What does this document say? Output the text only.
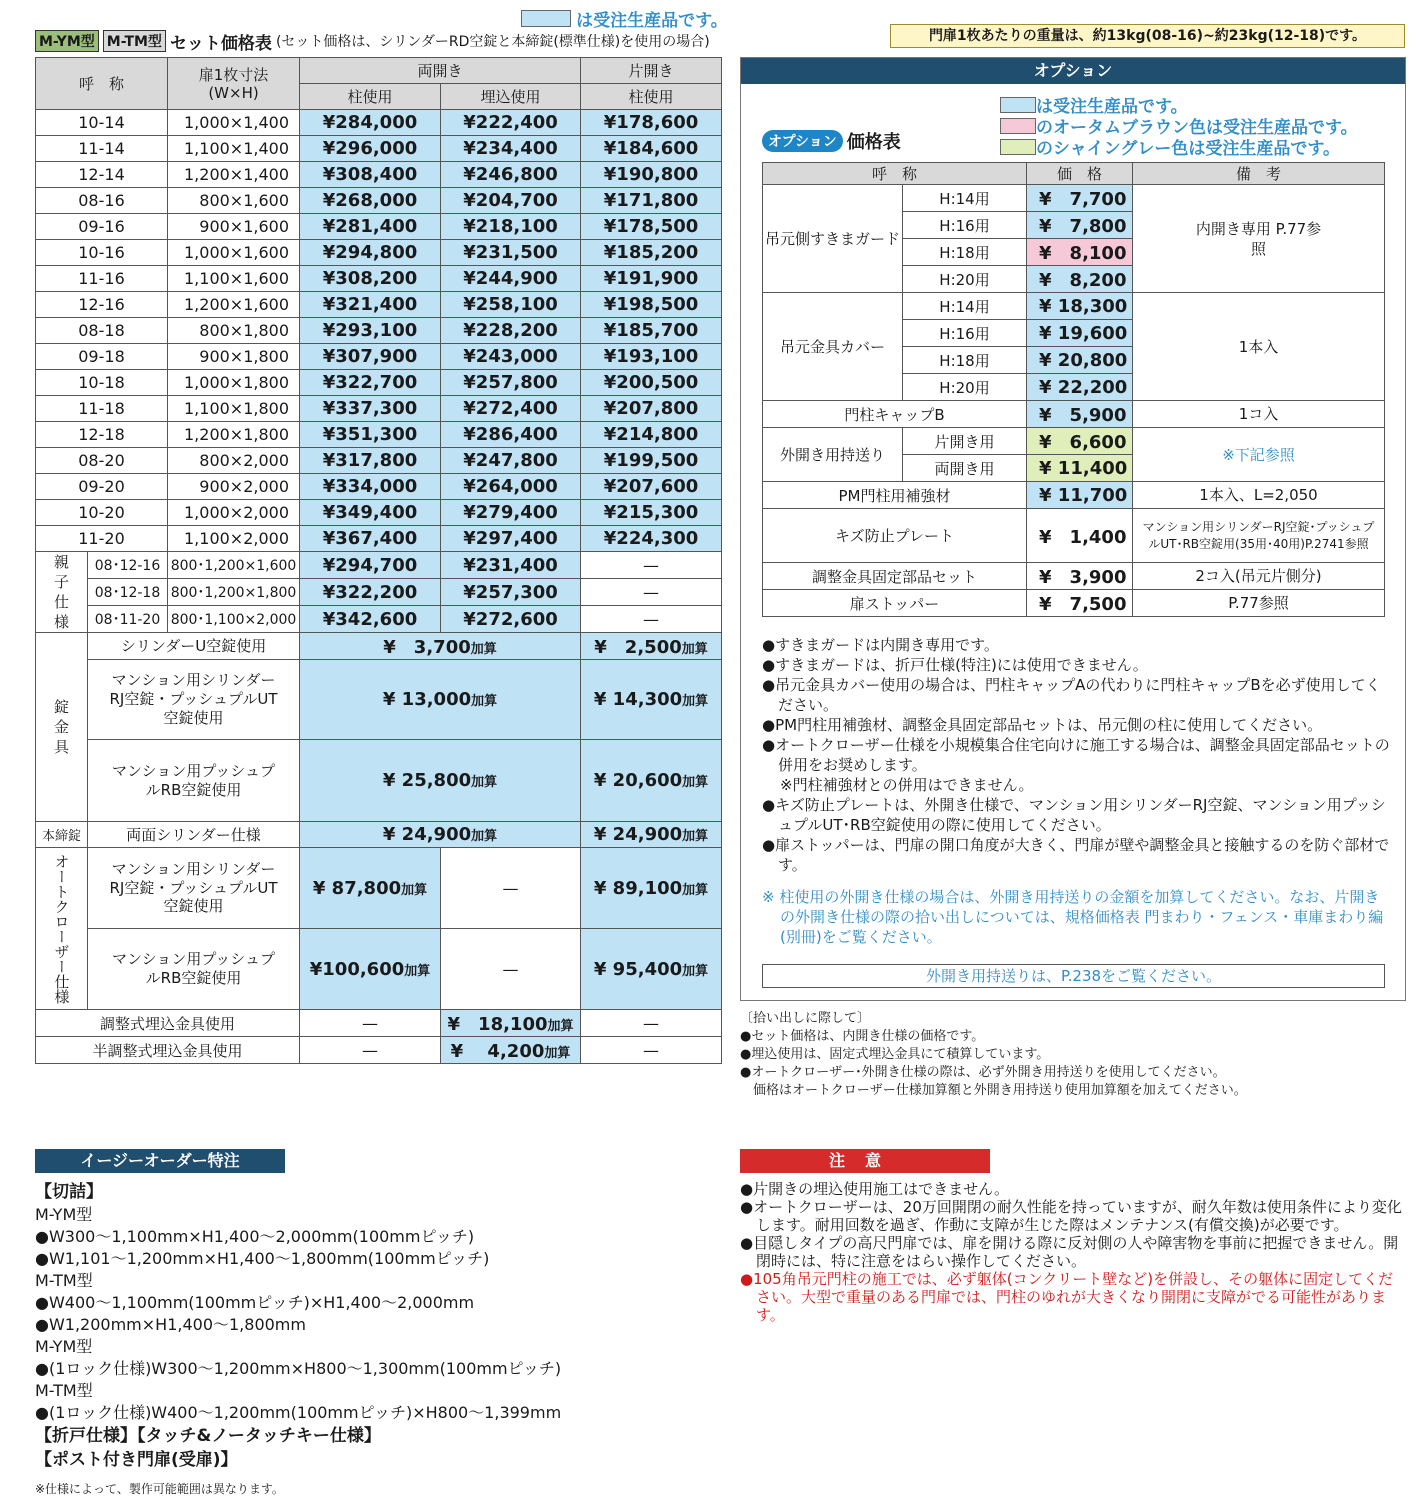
は受注生産品です。
M-YM型 M-TM型 セット価格表 (セット価格は、シリンダーRD空錠と本締錠(標準仕様)を使用の場合)	門扉1枚あたりの重量は、約13kg(08-16)~約23kg(12-18)です。
呼　称		扉1枚寸法
(W×H)	両開き		片開き
			柱使用	埋込使用	柱使用
10-14		1,000×1,400	¥284,000	¥222,400	¥178,600
11-14		1,100×1,400	¥296,000	¥234,400	¥184,600
12-14		1,200×1,400	¥308,400	¥246,800	¥190,800
08-16		800×1,600	¥268,000	¥204,700	¥171,800
09-16		900×1,600	¥281,400	¥218,100	¥178,500
10-16		1,000×1,600	¥294,800	¥231,500	¥185,200
11-16		1,100×1,600	¥308,200	¥244,900	¥191,900
12-16		1,200×1,600	¥321,400	¥258,100	¥198,500
08-18		800×1,800	¥293,100	¥228,200	¥185,700
09-18		900×1,800	¥307,900	¥243,000	¥193,100
10-18		1,000×1,800	¥322,700	¥257,800	¥200,500
11-18		1,100×1,800	¥337,300	¥272,400	¥207,800
12-18		1,200×1,800	¥351,300	¥286,400	¥214,800
08-20		800×2,000	¥317,800	¥247,800	¥199,500
09-20		900×2,000	¥334,000	¥264,000	¥207,600
10-20		1,000×2,000	¥349,400	¥279,400	¥215,300
11-20		1,100×2,000	¥367,400	¥297,400	¥224,300
親子仕様	08･12-16	800･1,200×1,600	¥294,700	¥231,400	—
	08･12-18	800･1,200×1,800	¥322,200	¥257,300	—
	08･11-20	800･1,100×2,000	¥342,600	¥272,600	—
錠金具	シリンダーU空錠使用		¥　3,700加算		¥　2,500加算
	マンション用シリンダーRJ空錠・プッシュプルUT空錠使用		¥ 13,000加算		¥ 14,300加算
	マンション用プッシュプルRB空錠使用		¥ 25,800加算		¥ 20,600加算
本締錠	両面シリンダー仕様		¥ 24,900加算		¥ 24,900加算
オートクローザー仕様	マンション用シリンダーRJ空錠・プッシュプルUT空錠使用		¥ 87,800加算	—	¥ 89,100加算
	マンション用プッシュプルRB空錠使用		¥100,600加算	—	¥ 95,400加算
調整式埋込金具使用			—	¥　18,100加算	—
半調整式埋込金具使用			—	¥　 4,200加算	—
オプション
は受注生産品です。
のオータムブラウン色は受注生産品です。
のシャイングレー色は受注生産品です。
オプション 価格表
呼　称		価　格	備　考
吊元側すきまガード	H:14用	¥　7,700	内開き専用 P.77参照
	H:16用	¥　7,800	
	H:18用	¥　8,100	
	H:20用	¥　8,200	
吊元金具カバー	H:14用	¥ 18,300	1本入
	H:16用	¥ 19,600	
	H:18用	¥ 20,800	
	H:20用	¥ 22,200	
門柱キャップB		¥　5,900	1コ入
外開き用持送り	片開き用	¥　6,600	※下記参照
	両開き用	¥ 11,400	
PM門柱用補強材		¥ 11,700	1本入、L=2,050
キズ防止プレート		¥　1,400	マンション用シリンダーRJ空錠･プッシュプルUT･RB空錠用(35用･40用)P.2741参照
調整金具固定部品セット		¥　3,900	2コ入(吊元片側分)
扉ストッパー		¥　7,500	P.77参照
●すきまガードは内開き専用です。
●すきまガードは、折戸仕様(特注)には使用できません。
●吊元金具カバー使用の場合は、門柱キャップAの代わりに門柱キャップBを必ず使用してください。
●PM門柱用補強材、調整金具固定部品セットは、吊元側の柱に使用してください。
●オートクローザー仕様を小規模集合住宅向けに施工する場合は、調整金具固定部品セットの併用をお奨めします。
※門柱補強材との併用はできません。
●キズ防止プレートは、外開き仕様で、マンション用シリンダーRJ空錠、マンション用プッシュプルUT･RB空錠使用の際に使用してください。
●扉ストッパーは、門扉の開口角度が大きく、門扉が壁や調整金具と接触するのを防ぐ部材です。
※ 柱使用の外開き仕様の場合は、外開き用持送りの金額を加算してください。なお、片開きの外開き仕様の際の拾い出しについては、規格価格表 門まわり・フェンス・車庫まわり編(別冊)をご覧ください。
外開き用持送りは、P.238をご覧ください。
〔拾い出しに際して〕
●セット価格は、内開き仕様の価格です。
●埋込使用は、固定式埋込金具にて積算しています。
●オートクローザー･外開き仕様の際は、必ず外開き用持送りを使用してください。
　価格はオートクローザー仕様加算額と外開き用持送り使用加算額を加えてください。
イージーオーダー特注
【切詰】
M-YM型
●W300～1,100mm×H1,400～2,000mm(100mmピッチ)
●W1,101～1,200mm×H1,400～1,800mm(100mmピッチ)
M-TM型
●W400～1,100mm(100mmピッチ)×H1,400～2,000mm
●W1,200mm×H1,400～1,800mm
M-YM型
●(1ロック仕様)W300～1,200mm×H800～1,300mm(100mmピッチ)
M-TM型
●(1ロック仕様)W400～1,200mm(100mmピッチ)×H800～1,399mm
【折戸仕様】【タッチ&ノータッチキー仕様】
【ポスト付き門扉(受扉)】
※仕様によって、製作可能範囲は異なります。
注意
●片開きの埋込使用施工はできません。
●オートクローザーは、20万回開閉の耐久性能を持っていますが、耐久年数は使用条件により変化します。耐用回数を過ぎ、作動に支障が生じた際はメンテナンス(有償交換)が必要です。
●目隠しタイプの高尺門扉では、扉を開ける際に反対側の人や障害物を事前に把握できません。開閉時には、特に注意をはらい操作してください。
●105角吊元門柱の施工では、必ず躯体(コンクリート壁など)を併設し、その躯体に固定してください。大型で重量のある門扉では、門柱のゆれが大きくなり開閉に支障がでる可能性があります。
